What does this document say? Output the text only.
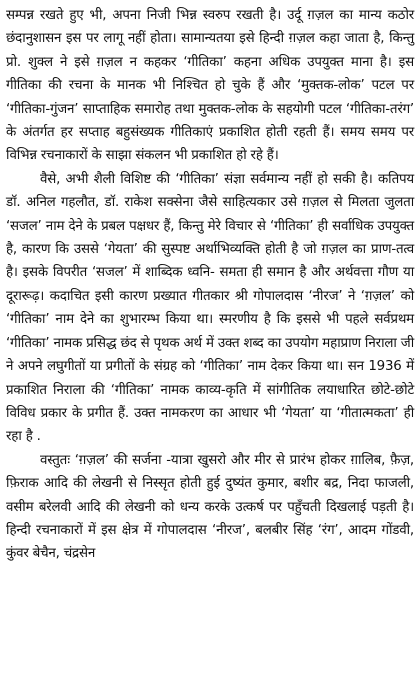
सम्पन्न रखते हुए भी, अपना निजी भिन्न स्वरुप रखती है। उर्दू ग़ज़ल का मान्य कठोर छंदानुशासन इस पर लागू नहीं होता। सामान्यतया इसे हिन्दी ग़ज़ल कहा जाता है, किन्तु प्रो. शुक्ल ने इसे ग़ज़ल न कहकर ‘गीतिका’ कहना अधिक उपयुक्त माना है। इस गीतिका की रचना के मानक भी निश्चित हो चुके हैं और ‘मुक्तक-लोक’ पटल पर ‘गीतिका-गुंजन’ साप्ताहिक समारोह तथा मुक्तक-लोक के सहयोगी पटल ‘गीतिका-तरंग’ के अंतर्गत हर सप्ताह बहुसंख्यक गीतिकाएं प्रकाशित होती रहती हैं। समय समय पर विभिन्न रचनाकारों के साझा संकलन भी प्रकाशित हो रहे हैं।

वैसे, अभी शैली विशिष्ट की ‘गीतिका’ संज्ञा सर्वमान्य नहीं हो सकी है। कतिपय डॉ. अनिल गहलौत, डॉ. राकेश सक्सेना जैसे साहित्यकार उसे ग़ज़ल से मिलता जुलता ‘सजल’ नाम देने के प्रबल पक्षधर हैं, किन्तु मेरे विचार से ‘गीतिका’ ही सर्वाधिक उपयुक्त है, कारण कि उससे ‘गेयता’ की सुस्पष्ट अर्थाभिव्यक्ति होती है जो ग़ज़ल का प्राण-तत्व है। इसके विपरीत ‘सजल’ में शाब्दिक ध्वनि- समता ही समान है और अर्थवत्ता गौण या दूरारूढ़। कदाचित इसी कारण प्रख्यात गीतकार श्री गोपालदास ‘नीरज’ ने ‘ग़ज़ल’ को ‘गीतिका’ नाम देने का शुभारम्भ किया था। स्मरणीय है कि इससे भी पहले सर्वप्रथम ‘गीतिका’ नामक प्रसिद्ध छंद से पृथक अर्थ में उक्त शब्द का उपयोग महाप्राण निराला जी ने अपने लघुगीतों या प्रगीतों के संग्रह को ‘गीतिका’ नाम देकर किया था। सन 1936 में प्रकाशित निराला की ‘गीतिका’ नामक काव्य-कृति में सांगीतिक लयाधारित छोटे-छोटे विविध प्रकार के प्रगीत हैं. उक्त नामकरण का आधार भी ‘गेयता’ या ‘गीतात्मकता’ ही रहा है .

वस्तुतः ‘ग़ज़ल’ की सर्जना -यात्रा खुसरो और मीर से प्रारंभ होकर ग़ालिब, फ़ैज़, फ़िराक आदि की लेखनी से निस्सृत होती हुई दुष्यंत कुमार, बशीर बद्र, निदा फाजली, वसीम बरेलवी आदि की लेखनी को धन्य करके उत्कर्ष पर पहुँचती दिखलाई पड़ती है। हिन्दी रचनाकारों में इस क्षेत्र में गोपालदास ‘नीरज’, बलबीर सिंह ‘रंग’, आदम गोंडवी, कुंवर बेचैन, चंद्रसेन
